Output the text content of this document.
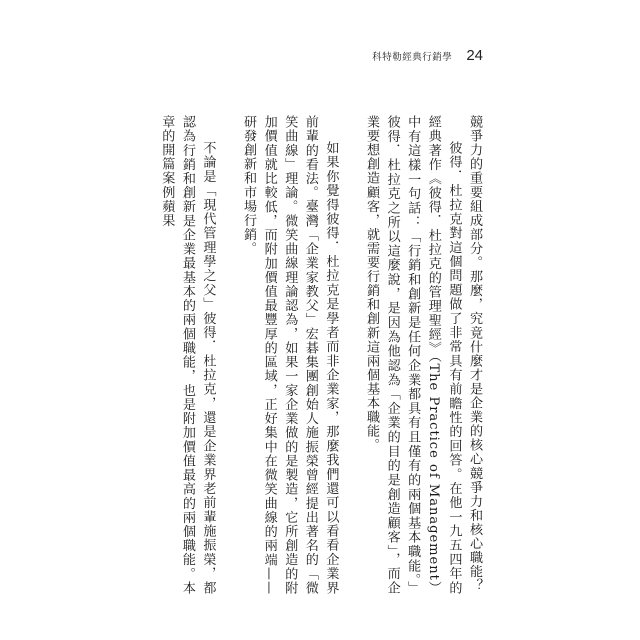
科特勒經典行銷學 24

競爭力的重要組成部分。那麼，究竟什麼才是企業的核心競爭力和核心職能？

彼得．杜拉克對這個問題做了非常具有前瞻性的回答。在他一九五四年的經典著作《彼得．杜拉克的管理聖經》（The Practice of Management）中有這樣一句話：「行銷和創新是任何企業都具有且僅有的兩個基本職能。」彼得．杜拉克之所以這麼說，是因為他認為「企業的目的是創造顧客」，而企業要想創造顧客，就需要行銷和創新這兩個基本職能。

如果你覺得彼得．杜拉克是學者而非企業家，那麼我們還可以看看企業界前輩的看法。臺灣「企業家教父」宏碁集團創始人施振榮曾經提出著名的「微笑曲線」理論。微笑曲線理論認為，如果一家企業做的是製造，它所創造的附加價值就比較低，而附加價值最豐厚的區域，正好集中在微笑曲線的兩端——研發創新和市場行銷。

不論是「現代管理學之父」彼得．杜拉克，還是企業界老前輩施振榮，都認為行銷和創新是企業最基本的兩個職能，也是附加價值最高的兩個職能。本章的開篇案例蘋果
